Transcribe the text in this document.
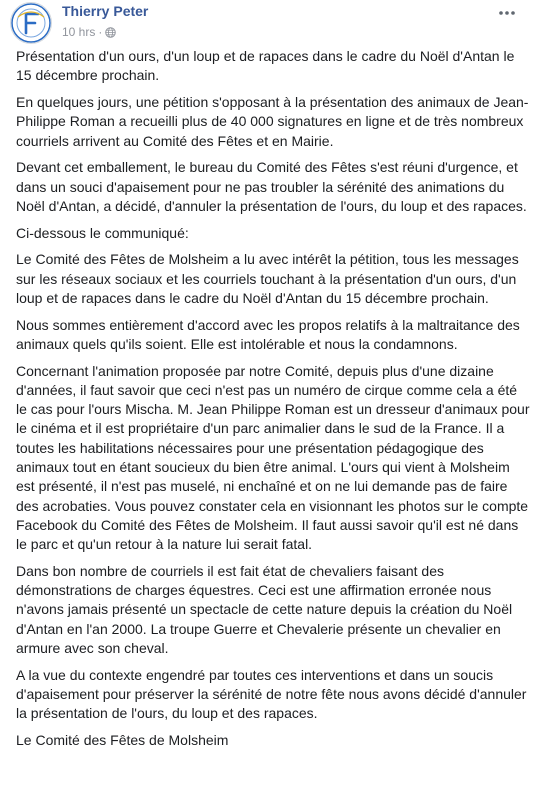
Thierry Peter
10 hrs ·

Présentation d'un ours, d'un loup et de rapaces dans le cadre du Noël d'Antan le 15 décembre prochain.

En quelques jours, une pétition s'opposant à la présentation des animaux de Jean-Philippe Roman a recueilli plus de 40 000 signatures en ligne et de très nombreux courriels arrivent au Comité des Fêtes et en Mairie.

Devant cet emballement, le bureau du Comité des Fêtes s'est réuni d'urgence, et dans un souci d'apaisement pour ne pas troubler la sérénité des animations du Noël d'Antan, a décidé, d'annuler la présentation de l'ours, du loup et des rapaces.

Ci-dessous le communiqué:

Le Comité des Fêtes de Molsheim a lu avec intérêt la pétition, tous les messages sur les réseaux sociaux et les courriels touchant à la présentation d'un ours, d'un loup et de rapaces dans le cadre du Noël d'Antan du 15 décembre prochain.

Nous sommes entièrement d'accord avec les propos relatifs à la maltraitance des animaux quels qu'ils soient. Elle est intolérable et nous la condamnons.

Concernant l'animation proposée par notre Comité, depuis plus d'une dizaine d'années, il faut savoir que ceci n'est pas un numéro de cirque comme cela a été le cas pour l'ours Mischa. M. Jean Philippe Roman est un dresseur d'animaux pour le cinéma et il est propriétaire d'un parc animalier dans le sud de la France. Il a toutes les habilitations nécessaires pour une présentation pédagogique des animaux tout en étant soucieux du bien être animal. L'ours qui vient à Molsheim est présenté, il n'est pas muselé, ni enchaîné et on ne lui demande pas de faire des acrobaties. Vous pouvez constater cela en visionnant les photos sur le compte Facebook du Comité des Fêtes de Molsheim. Il faut aussi savoir qu'il est né dans le parc et qu'un retour à la nature lui serait fatal.

Dans bon nombre de courriels il est fait état de chevaliers faisant des démonstrations de charges équestres. Ceci est une affirmation erronée nous n'avons jamais présenté un spectacle de cette nature depuis la création du Noël d'Antan en l'an 2000. La troupe Guerre et Chevalerie présente un chevalier en armure avec son cheval.

A la vue du contexte engendré par toutes ces interventions et dans un soucis d'apaisement pour préserver la sérénité de notre fête nous avons décidé d'annuler la présentation de l'ours, du loup et des rapaces.

Le Comité des Fêtes de Molsheim
